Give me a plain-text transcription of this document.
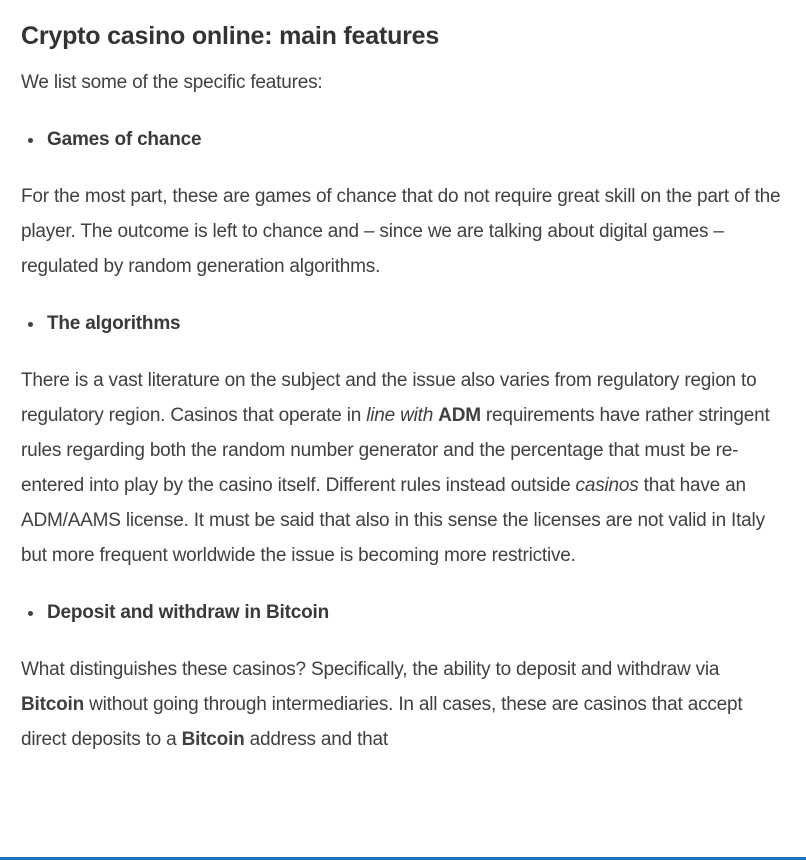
Crypto casino online: main features

We list some of the specific features:

• Games of chance

For the most part, these are games of chance that do not require great skill on the part of the player. The outcome is left to chance and – since we are talking about digital games – regulated by random generation algorithms.

• The algorithms

There is a vast literature on the subject and the issue also varies from regulatory region to regulatory region. Casinos that operate in line with ADM requirements have rather stringent rules regarding both the random number generator and the percentage that must be re-entered into play by the casino itself. Different rules instead outside casinos that have an ADM/AAMS license. It must be said that also in this sense the licenses are not valid in Italy but more frequent worldwide the issue is becoming more restrictive.

• Deposit and withdraw in Bitcoin

What distinguishes these casinos? Specifically, the ability to deposit and withdraw via Bitcoin without going through intermediaries. In all cases, these are casinos that accept direct deposits to a Bitcoin address and that
